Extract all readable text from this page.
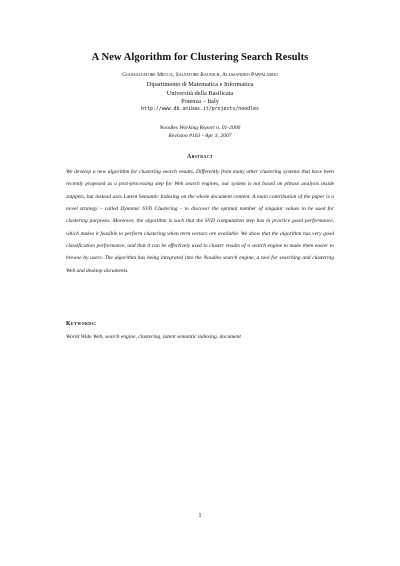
A New Algorithm for Clustering Search Results
Giansalvatore Mecca, Salvatore Raunich, Alessandro Pappalardo
Dipartimento di Matematica e Informatica
Università della Basilicata
Potenza – Italy
http://www.db.unibas.it/projects/noodles
Noodles Working Report n. 01-2006
Revision #163 - Apr 3, 2007
Abstract

We develop a new algorithm for clustering search results. Differently from many other clustering systems that have been recently proposed as a post-processing step for Web search engines, our system is not based on phrase analysis inside snippets, but instead uses Latent Semantic Indexing on the whole document content. A main contribution of the paper is a novel strategy – called Dynamic SVD Clustering – to discover the optimal number of singular values to be used for clustering purposes. Moreover, the algorithm is such that the SVD computation step has in practice good performance, which makes it feasible to perform clustering when term vectors are available. We show that the algorithm has very good classification performance, and that it can be effectively used to cluster results of a search engine to make them easier to browse by users. The algorithm has being integrated into the Noodles search engine, a tool for searching and clustering Web and desktop documents.

Keywords:
World Wide Web, search engine, clustering, latent semantic indexing, document
1
